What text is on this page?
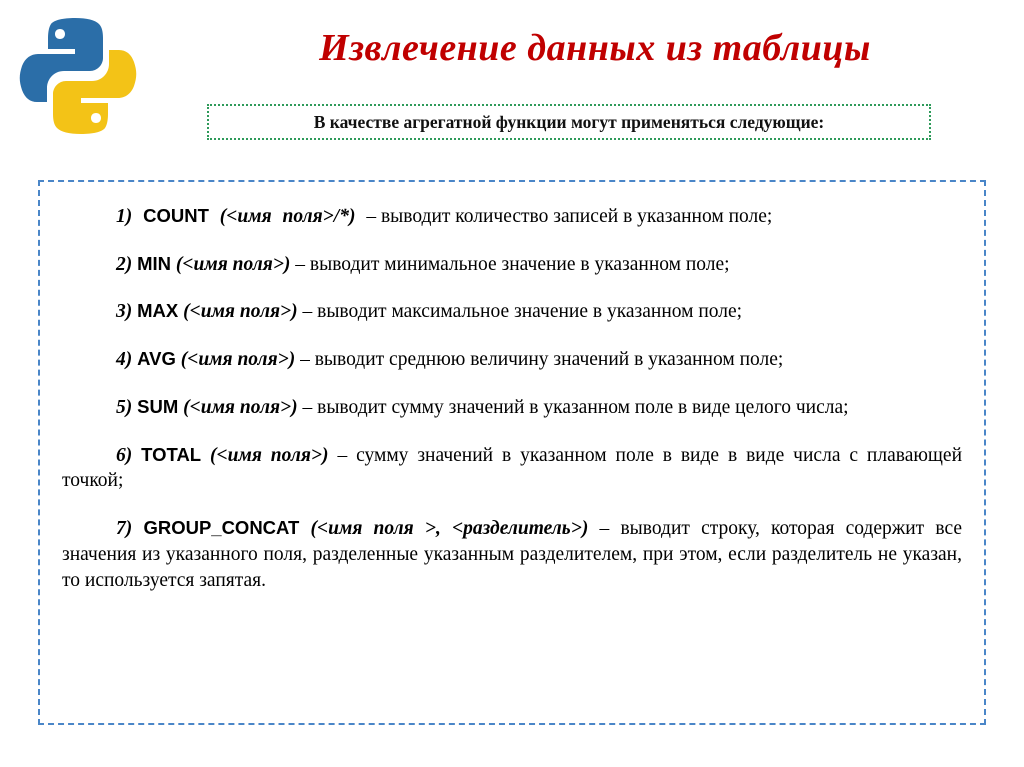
Извлечение данных из таблицы
В качестве агрегатной функции могут применяться следующие:

1) COUNT (<имя поля>/*) – выводит количество записей в указанном поле;

2) MIN (<имя поля>) – выводит минимальное значение в указанном поле;

3) MAX (<имя поля>) – выводит максимальное значение в указанном поле;

4) AVG (<имя поля>) – выводит среднюю величину значений в указанном поле;

5) SUM (<имя поля>) – выводит сумму значений в указанном поле в виде целого числа;

6) TOTAL (<имя поля>) – сумму значений в указанном поле в виде в виде числа с плавающей точкой;

7) GROUP_CONCAT (<имя поля >, <разделитель>) – выводит строку, которая содержит все значения из указанного поля, разделенные указанным разделителем, при этом, если разделитель не указан, то используется запятая.
